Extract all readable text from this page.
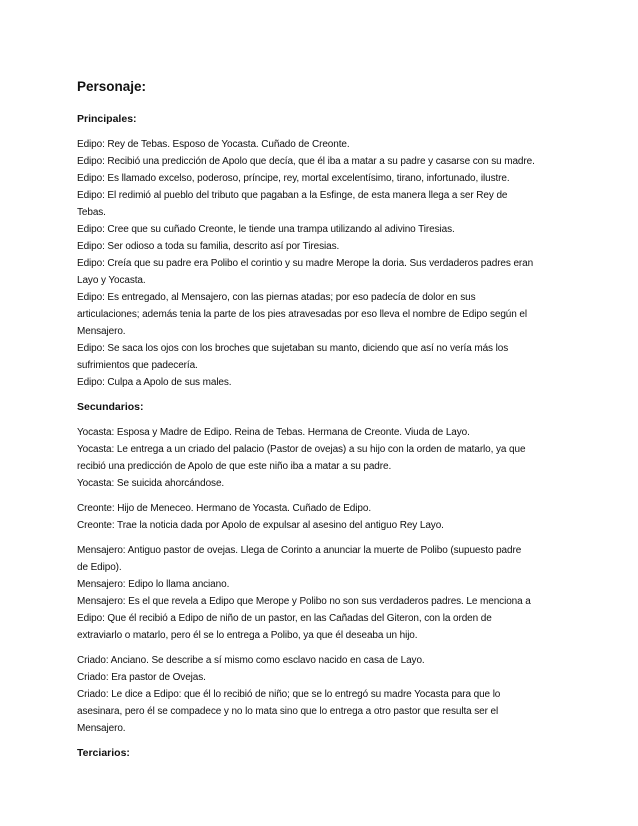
Personaje:
Principales:
Edipo: Rey de Tebas. Esposo de Yocasta. Cuñado de Creonte.
Edipo: Recibió una predicción de Apolo que decía, que él iba a matar a su padre y casarse con su madre.
Edipo: Es llamado excelso, poderoso, príncipe, rey, mortal excelentísimo, tirano, infortunado, ilustre.
Edipo: El redimió al pueblo del tributo que pagaban a la Esfinge, de esta manera llega a ser Rey de
Tebas.
Edipo: Cree que su cuñado Creonte, le tiende una trampa utilizando al adivino Tiresias.
Edipo: Ser odioso a toda su familia, descrito así por Tiresias.
Edipo: Creía que su padre era Polibo el corintio y su madre Merope la doria. Sus verdaderos padres eran
Layo y Yocasta.
Edipo: Es entregado, al Mensajero, con las piernas atadas; por eso padecía de dolor en sus
articulaciones; además tenia la parte de los pies atravesadas por eso lleva el nombre de Edipo según el
Mensajero.
Edipo: Se saca los ojos con los broches que sujetaban su manto, diciendo que así no vería más los
sufrimientos que padecería.
Edipo: Culpa a Apolo de sus males.
Secundarios:
Yocasta: Esposa y Madre de Edipo. Reina de Tebas. Hermana de Creonte. Viuda de Layo.
Yocasta: Le entrega a un criado del palacio (Pastor de ovejas) a su hijo con la orden de matarlo, ya que
recibió una predicción de Apolo de que este niño iba a matar a su padre.
Yocasta: Se suicida ahorcándose.
Creonte: Hijo de Meneceo. Hermano de Yocasta. Cuñado de Edipo.
Creonte: Trae la noticia dada por Apolo de expulsar al asesino del antiguo Rey Layo.
Mensajero: Antiguo pastor de ovejas. Llega de Corinto a anunciar la muerte de Polibo (supuesto padre
de Edipo).
Mensajero: Edipo lo llama anciano.
Mensajero: Es el que revela a Edipo que Merope y Polibo no son sus verdaderos padres. Le menciona a
Edipo: Que él recibió a Edipo de niño de un pastor, en las Cañadas del Giteron, con la orden de
extraviarlo o matarlo, pero él se lo entrega a Polibo, ya que él deseaba un hijo.
Criado: Anciano. Se describe a sí mismo como esclavo nacido en casa de Layo.
Criado: Era pastor de Ovejas.
Criado: Le dice a Edipo: que él lo recibió de niño; que se lo entregó su madre Yocasta para que lo
asesinara, pero él se compadece y no lo mata sino que lo entrega a otro pastor que resulta ser el
Mensajero.
Terciarios:
